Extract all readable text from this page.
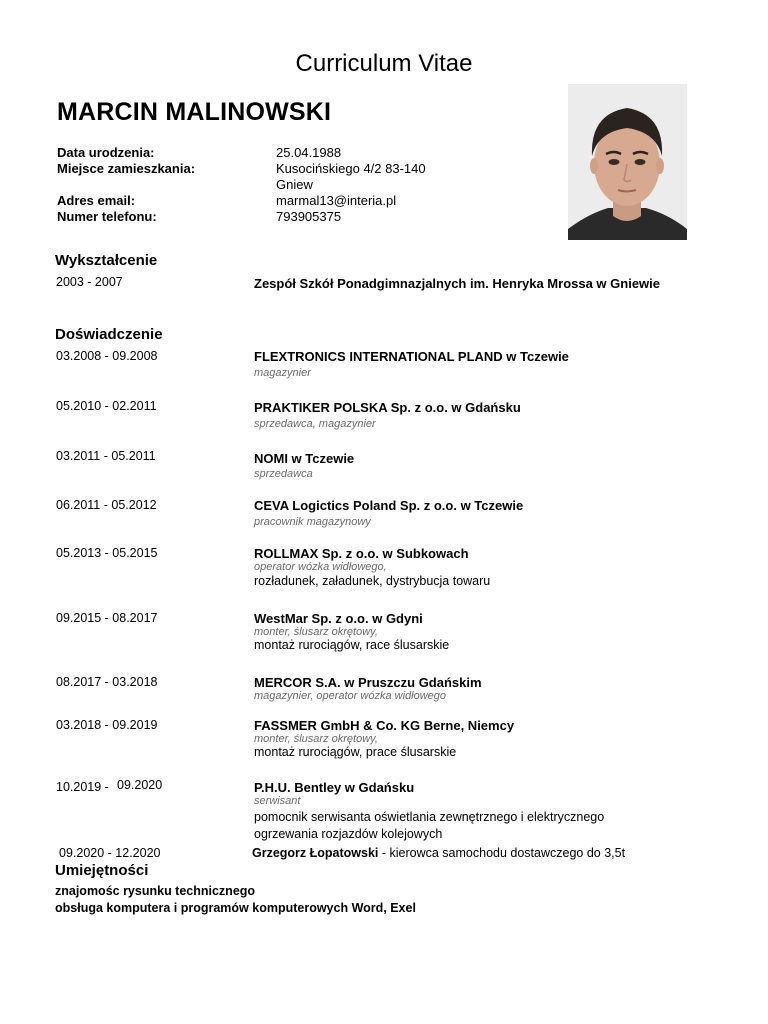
Curriculum Vitae
MARCIN MALINOWSKI
Data urodzenia:	25.04.1988
Miejsce zamieszkania:	Kusocińskiego 4/2 83-140
Gniew
Adres email:	marmal13@interia.pl
Numer telefonu:	793905375
Wykształcenie
2003 - 2007	Zespół Szkół Ponadgimnazjalnych im. Henryka Mrossa w Gniewie
Doświadczenie
03.2008 - 09.2008	FLEXTRONICS INTERNATIONAL PLAND w Tczewie
magazynier
05.2010 - 02.2011	PRAKTIKER POLSKA Sp. z o.o. w Gdańsku
sprzedawca, magazynier
03.2011 - 05.2011	NOMI w Tczewie
sprzedawca
06.2011 - 05.2012	CEVA Logictics Poland Sp. z o.o. w Tczewie
pracownik magazynowy
05.2013 - 05.2015	ROLLMAX Sp. z o.o. w Subkowach
operator wózka widłowego,
rozładunek, załadunek, dystrybucja towaru
09.2015 - 08.2017	WestMar Sp. z o.o. w Gdyni
monter, ślusarz okrętowy,
montaż rurociągów, race ślusarskie
08.2017 - 03.2018	MERCOR S.A. w Pruszczu Gdańskim
magazynier, operator wózka widłowego
03.2018 - 09.2019	FASSMER GmbH & Co. KG Berne, Niemcy
monter, ślusarz okrętowy,
montaż rurociągów, prace ślusarskie
10.2019 - 09.2020	P.H.U. Bentley w Gdańsku
serwisant
pomocnik serwisanta oświetlania zewnętrznego i elektrycznego
ogrzewania rozjazdów kolejowych
09.2020 - 12.2020	Grzegorz Łopatowski - kierowca samochodu dostawczego do 3,5t
Umiejętności
znajomośc rysunku technicznego
obsługa komputera i programów komputerowych Word, Exel
